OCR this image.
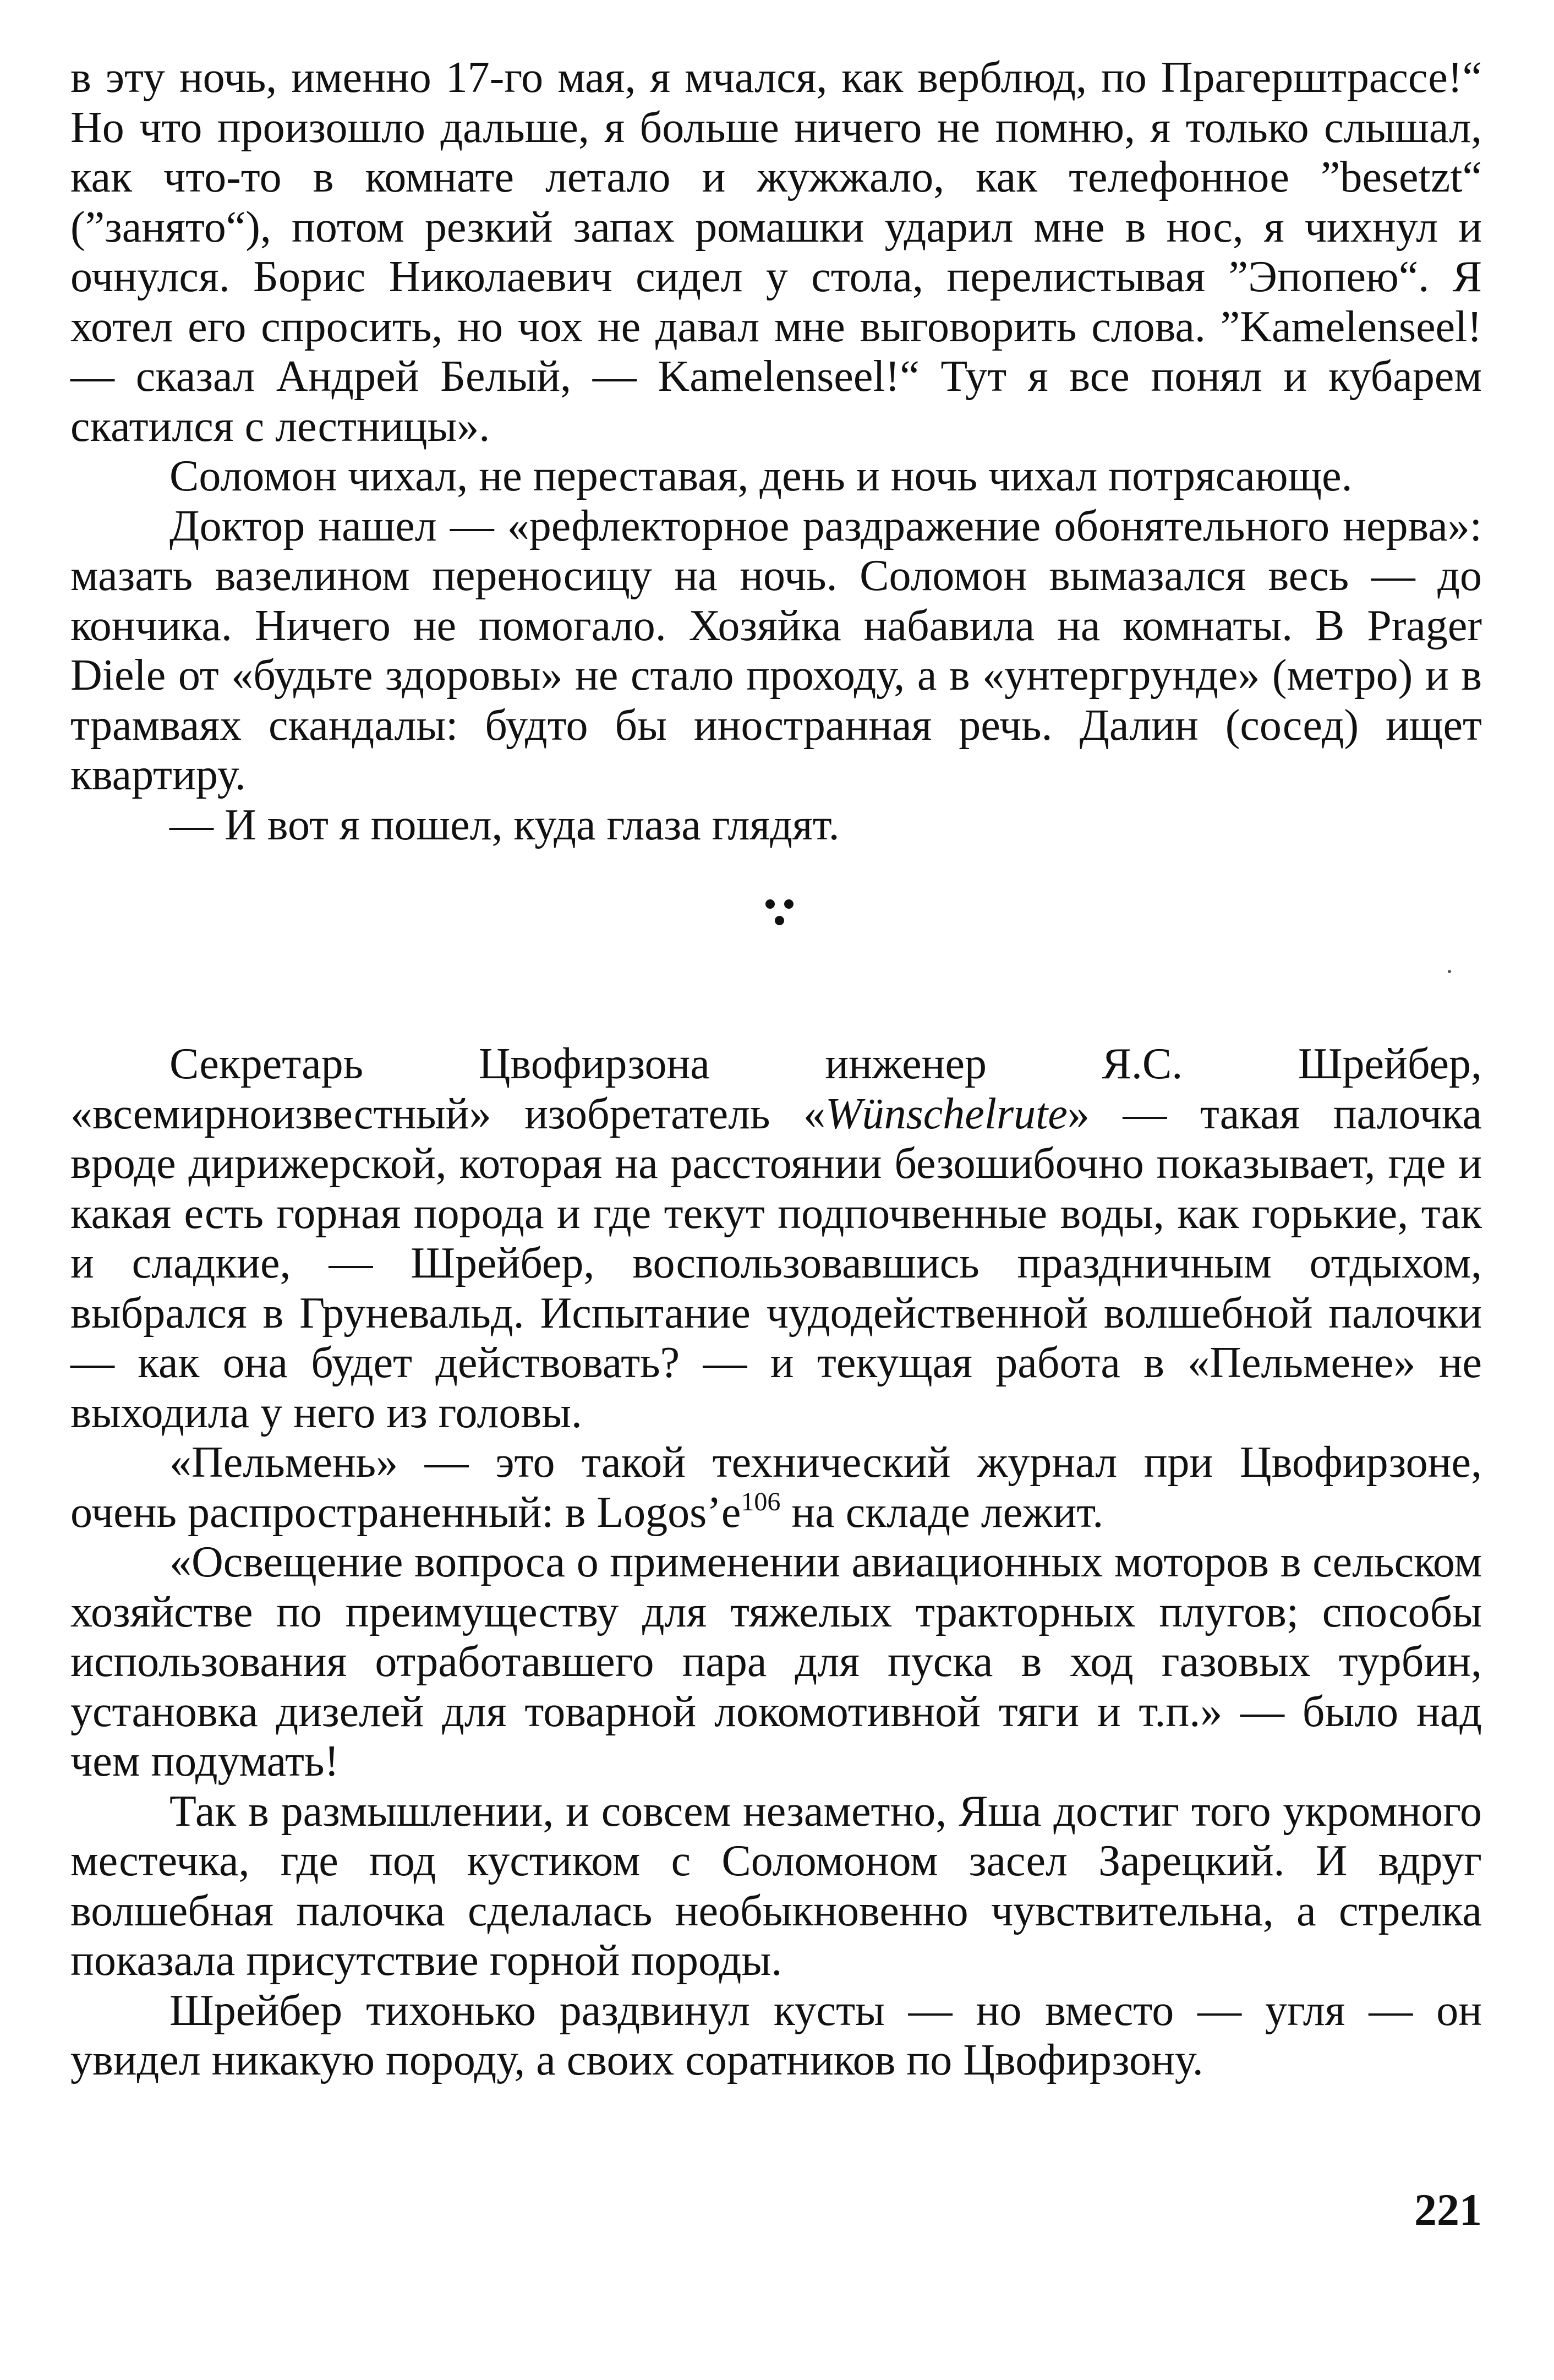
в эту ночь, именно 17-го мая, я мчался, как верблюд, по Прагерштрассе!“ Но что произошло дальше, я больше ничего не помню, я только слышал, как что-то в комнате летало и жужжало, как телефонное ”besetzt“ (”занято“), потом резкий запах ромашки ударил мне в нос, я чихнул и очнулся. Борис Николаевич сидел у стола, перелистывая ”Эпопею“. Я хотел его спросить, но чох не давал мне выговорить слова. ”Kamelenseel! — сказал Андрей Белый, — Kamelenseel!“ Тут я все понял и кубарем скатился с лестницы».

Соломон чихал, не переставая, день и ночь чихал потрясающе.

Доктор нашел — «рефлекторное раздражение обонятельного нерва»: мазать вазелином переносицу на ночь. Соломон вымазался весь — до кончика. Ничего не помогало. Хозяйка набавила на комнаты. В Prager Diele от «будьте здоровы» не стало проходу, а в «унтергрунде» (метро) и в трамваях скандалы: будто бы иностранная речь. Далин (сосед) ищет квартиру.

— И вот я пошел, куда глаза глядят.

Секретарь Цвофирзона инженер Я.С. Шрейбер, «всемирноизвестный» изобретатель «Wünschelrute» — такая палочка вроде дирижерской, которая на расстоянии безошибочно показывает, где и какая есть горная порода и где текут подпочвенные воды, как горькие, так и сладкие, — Шрейбер, воспользовавшись праздничным отдыхом, выбрался в Груневальд. Испытание чудодейственной волшебной палочки — как она будет действовать? — и текущая работа в «Пельмене» не выходила у него из головы.

«Пельмень» — это такой технический журнал при Цвофирзоне, очень распространенный: в $Logos’e^{106}$ на складе лежит.

«Освещение вопроса о применении авиационных моторов в сельском хозяйстве по преимуществу для тяжелых тракторных плугов; способы использования отработавшего пара для пуска в ход газовых турбин, установка дизелей для товарной локомотивной тяги и т.п.» — было над чем подумать!

Так в размышлении, и совсем незаметно, Яша достиг того укромного местечка, где под кустиком с Соломоном засел Зарецкий. И вдруг волшебная палочка сделалась необыкновенно чувствительна, а стрелка показала присутствие горной породы.

Шрейбер тихонько раздвинул кусты — но вместо — угля — он увидел никакую породу, а своих соратников по Цвофирзону.

221
